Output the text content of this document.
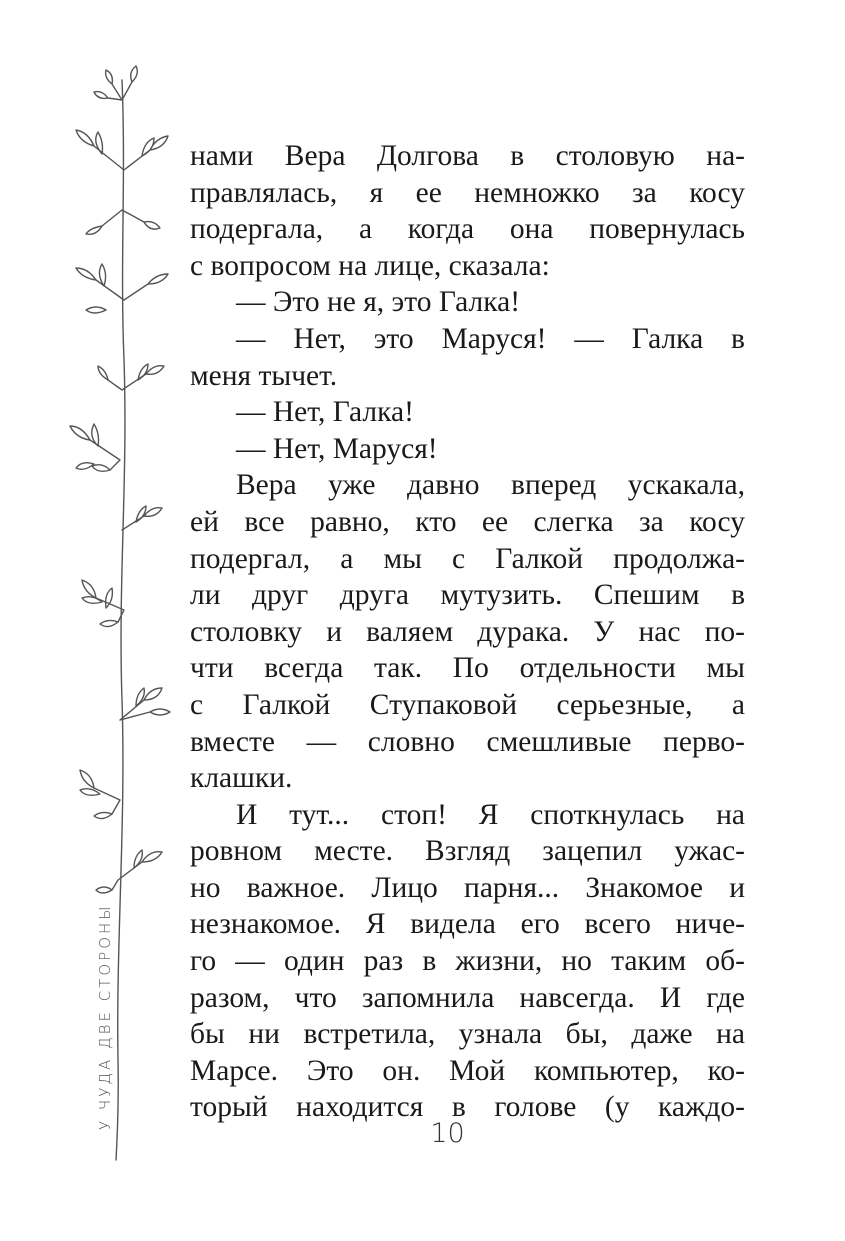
У ЧУДА ДВЕ СТОРОНЫ
нами Вера Долгова в столовую на-
правлялась, я ее немножко за косу
подергала, а когда она повернулась
с вопросом на лице, сказала:
— Это не я, это Галка!
— Нет, это Маруся! — Галка в
меня тычет.
— Нет, Галка!
— Нет, Маруся!
Вера уже давно вперед ускакала,
ей все равно, кто ее слегка за косу
подергал, а мы с Галкой продолжа-
ли друг друга мутузить. Спешим в
столовку и валяем дурака. У нас по-
чти всегда так. По отдельности мы
с Галкой Ступаковой серьезные, а
вместе — словно смешливые перво-
клашки.
И тут... стоп! Я споткнулась на
ровном месте. Взгляд зацепил ужас-
но важное. Лицо парня... Знакомое и
незнакомое. Я видела его всего ниче-
го — один раз в жизни, но таким об-
разом, что запомнила навсегда. И где
бы ни встретила, узнала бы, даже на
Марсе. Это он. Мой компьютер, ко-
торый находится в голове (у каждо-
10
